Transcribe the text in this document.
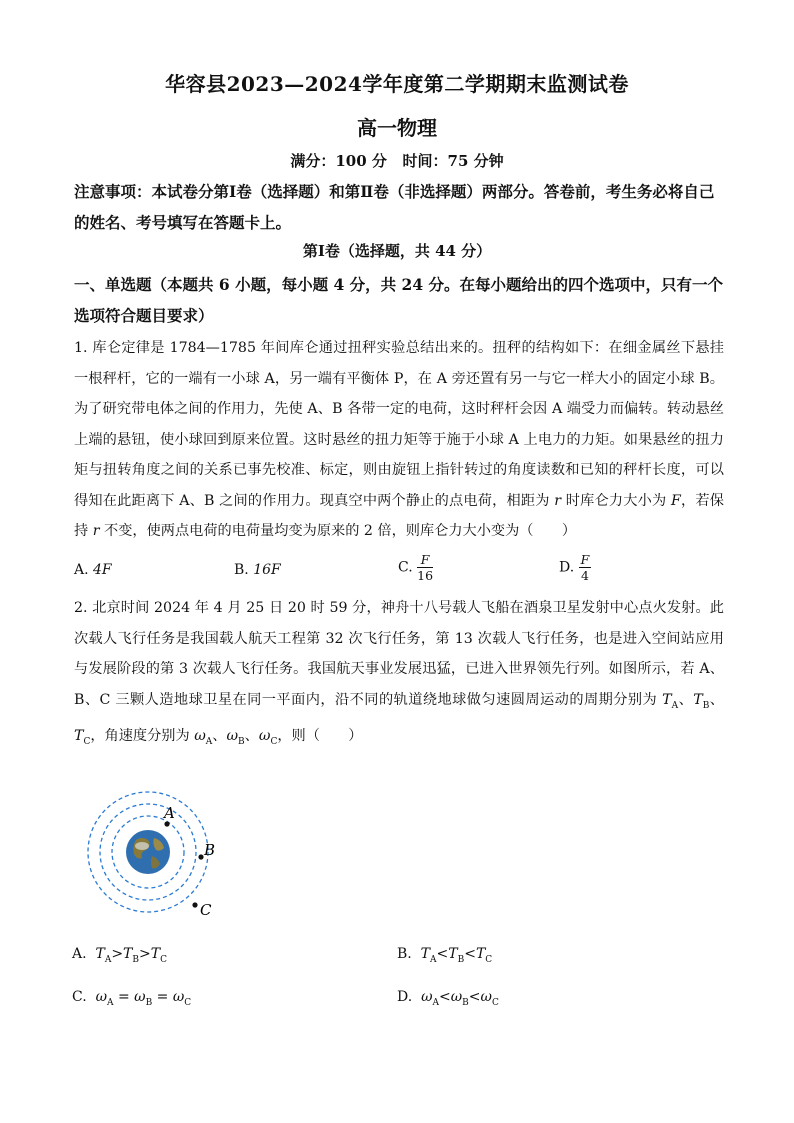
华容县2023—2024学年度第二学期期末监测试卷
高一物理
满分：100 分 时间：75 分钟
注意事项：本试卷分第Ⅰ卷（选择题）和第Ⅱ卷（非选择题）两部分。答卷前，考生务必将自己的姓名、考号填写在答题卡上。
第Ⅰ卷（选择题，共 44 分）
一、单选题（本题共 6 小题，每小题 4 分，共 24 分。在每小题给出的四个选项中，只有一个选项符合题目要求）
1. 库仑定律是 1784—1785 年间库仑通过扭秤实验总结出来的。扭秤的结构如下：在细金属丝下悬挂一根秤杆，它的一端有一小球 A，另一端有平衡体 P，在 A 旁还置有另一与它一样大小的固定小球 B。为了研究带电体之间的作用力，先使 A、B 各带一定的电荷，这时秤杆会因 A 端受力而偏转。转动悬丝上端的悬钮，使小球回到原来位置。这时悬丝的扭力矩等于施于小球 A 上电力的力矩。如果悬丝的扭力矩与扭转角度之间的关系已事先校准、标定，则由旋钮上指针转过的角度读数和已知的秤杆长度，可以得知在此距离下 A、B 之间的作用力。现真空中两个静止的点电荷，相距为 r 时库仑力大小为 F，若保持 r 不变，使两点电荷的电荷量均变为原来的 2 倍，则库仑力大小变为（　　）
A. 4F	B. 16F	C. $\frac{F}{16}$	D. $\frac{F}{4}$
2. 北京时间 2024 年 4 月 25 日 20 时 59 分，神舟十八号载人飞船在酒泉卫星发射中心点火发射。此次载人飞行任务是我国载人航天工程第 32 次飞行任务，第 13 次载人飞行任务，也是进入空间站应用与发展阶段的第 3 次载人飞行任务。我国航天事业发展迅猛，已进入世界领先行列。如图所示，若 A、B、C 三颗人造地球卫星在同一平面内，沿不同的轨道绕地球做匀速圆周运动的周期分别为 $T_A$、$T_B$、$T_C$，角速度分别为 $\omega_A$、$\omega_B$、$\omega_C$，则（　　）
A
B
C
A. $T_A>T_B>T_C$	B. $T_A<T_B<T_C$
C. $\omega_A = \omega_B = \omega_C$	D. $\omega_A<\omega_B<\omega_C$
